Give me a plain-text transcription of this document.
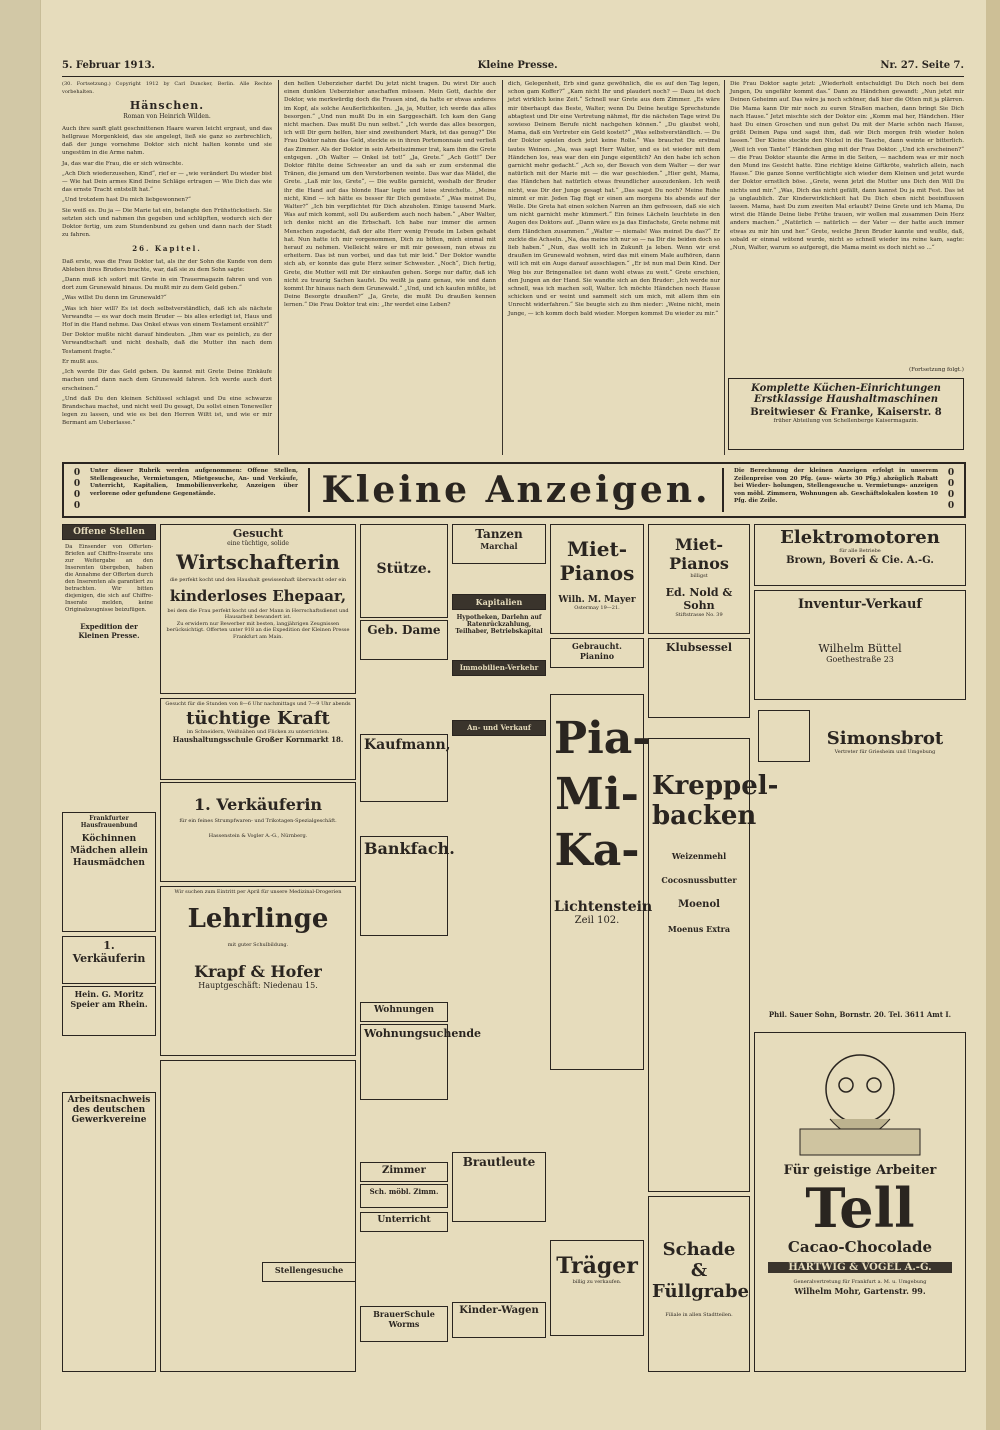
5. Februar 1913.	Kleine Presse.	Nr. 27. Seite 7.

(30. Fortsetzung.) Copyright 1912 by Carl Duncker, Berlin. Alle Rechte vorbehalten.

Hänschen.
Roman von Heinrich Wilden.

Auch ihre sanft glatt geschnittenen Haare waren leicht ergraut, und das hellgraue Morgenkleid, das sie angelegt, ließ sie ganz so zerbrechlich, daß der junge vornehme Doktor sich nicht halten konnte und sie ungestüm in die Arme nahm.

Ja, das war die Frau, die er sich wünschte.

„Ach Dich wiederzusehen, Kind“, rief er — „wie verändert Du wieder bist — Wie hat Dein armes Kind Deine Schläge ertragen — Wie Dich das wie das ernste Tracht entstellt hat.“

„Und trotzdem hast Du mich liebgewonnen?“

Sie weiß es. Du ja — Die Marie tat ein, belangte den Frühstückstisch. Sie setzten sich und nahmen ihn gegeben und schlüpften, wodurch sich der Doktor fertig, um zum Stundenbund zu gehen und dann nach der Stadt zu fahren.

26. Kapitel.

Daß erste, was die Frau Doktor tat, als ihr der Sohn die Kunde von dem Ableben ihres Bruders brachte, war, daß sie zu dem Sohn sagte:

„Dann muß ich sofort mit Grete in ein Trauermagazin fahren und von dort zum Grunewald hinaus. Du mußt mir zu dem Geld geben.“

„Was willst Du denn im Grunewald?“

„Was ich hier will? Es ist doch selbstverständlich, daß ich als nächste Verwandte — es war doch mein Bruder — bis alles erledigt ist, Haus und Hof in die Hand nehme. Das Onkel etwas von einem Testament erzählt?“

Der Doktor mußte nicht darauf hindeuten. „Ihm war es peinlich, zu der Verwandtschaft und nicht deshalb, daß die Mutter ihn nach dem Testament fragte.“

Er mußt aus.

„Ich werde Dir das Geld geben. Du kannst mit Grete Deine Einkäufe machen und dann nach dem Grunewald fahren. Ich werde auch dort erscheinen.“

„Und daß Du den kleinen Schlüssel schlagst und Du eine schwarze Brandschau machst, und nicht weil Du gesagt, Du sollst einen Toneweller legen zu lassen, und wie es bei den Herren Wiltt ist, und wie er mir Bermant am Ueberlasse.“

den hellen Ueberzieher darfst Du jetzt nicht tragen. Du wirst Dir auch einen dunklen Ueberzieher anschaffen müssen. Mein Gott, dachte der Doktor, wie merkwürdig doch die Frauen sind, da hatte er etwas anderes im Kopf, als solche Aeußerlichkeiten. „Ja, ja, Mutter, ich werde das alles besorgen.“ „Und nun mußt Du in ein Sarggeschäft. Ich kam den Gang nicht machen. Das mußt Du nun selbst.“ „Ich werde das alles besorgen, ich will Dir gern helfen, hier sind zweihundert Mark, ist das genug?“ Die Frau Doktor nahm das Geld, steckte es in ihren Portemonnaie und verließ das Zimmer. Als der Doktor in sein Arbeitszimmer trat, kam ihm die Grete entgegen. „Oh Walter — Onkel ist tot!“ „Ja, Grete.“ „Ach Gott!“ Der Doktor fühlte deine Schwester an und da sah er zum erstenmal die Tränen, die jemand um den Verstorbenen weinte. Das war das Mädel, die Grete. „Laß mir los, Grete“, — Die wußte garnicht, weshalb der Bruder ihr die Hand auf das blonde Haar legte und leise streichelte. „Meine nicht, Kind — ich hätte es besser für Dich gemüsste.“ „Was meinst Du, Walter?“ „Ich bin verpflichtet für Dich abzuholen. Einige tausend Mark. Was auf mich kommt, soll Du außerdem auch noch haben.“ „Aber Walter, ich denke nicht an die Erbschaft. Ich habe nur immer die armen Menschen zugedacht, daß der alte Herr wenig Freude im Leben gehabt hat. Nun hatte ich mir vorgenommen, Dich zu bitten, mich einmal mit herauf zu nehmen. Vielleicht wäre er mit mir gewesen, nun etwas zu erheitern. Das ist nun vorbei, und das tut mir leid.“ Der Doktor wandte sich ab, er konnte das gute Herz seiner Schwester. „Noch“, Dich fertig, Grete, die Mutter will mit Dir einkaufen gehen. Sorge nur dafür, daß ich nicht zu traurig Sachen kaufst. Du weißt ja ganz genau, wie und dann kommt Ihr hinaus nach dem Grunewald.“ „Und, und ich kaufen müßte, ist Deine Besorgte draußen?“ „Ja, Grete, die mußt Du draußen kennen lernen.“ Die Frau Doktor trat ein: „Ihr werdet eine Leben?

dich, Gelegenheit, Erb sind ganz gewöhnlich, die es auf den Tag legen, schon gam Koffer?“ „Kam nicht Ihr und plaudert noch? — Dazu ist doch jetzt wirklich keine Zeit.“ Schnell war Grete aus dem Zimmer. „Es wäre mir überhaupt das Beste, Walter, wenn Du Deine heutige Sprechstunde abtagtest und Dir eine Vertretung nähmst, für die nächsten Tage wirst Du sowieso Deinem Berufe nicht nachgehen können.“ „Du glaubst wohl, Mama, daß ein Vertreter ein Geld kostet?“ „Was selbstverständlich. — Du der Doktor spielen doch jetzt keine Rolle.“ Was brauchst Du erstmal lautes Weinen. „Na, was sagt Herr Walter, und es ist wieder mit dem Händchen los, was war den ein Junge eigentlich? An den habe ich schon garnicht mehr gedacht.“ „Ach so, der Besuch von dem Walter — der war natürlich mit der Marie mit — die war geschieden.“ „Hier geht, Mama, das Händchen hat natürlich etwas freundlicher auszudenken. Ich weiß nicht, was Dir der Junge gesagt hat.“ „Das sagst Du noch? Meine Ruhe nimmt er mir. Jeden Tag fügt er einen am morgens bis abends auf der Welle. Die Greta hat einen solchen Narren an ihm gefressen, daß sie sich um nicht garnicht mehr kümmert.“ Ein feines Lächeln leuchtete in den Augen des Doktors auf. „Dann wäre es ja das Einfachste, Grete nehme mit dem Händchen zusammen.“ „Walter — niemals! Was meinst Du das?“ Er zuckte die Achseln. „Na, das meine ich nur so — na Dir die beiden doch so lieb haben.“ „Nun, das wollt ich in Zukunft ja leben. Wenn wir erst draußen im Grunewald wohnen, wird das mit einem Male aufhören, dann will ich mit ein Auge darauf ausschlagen.“ „Er ist nun mal Dein Kind. Der Weg bis zur Bringenallee ist dann wohl etwas zu weit.“ Grete erschien, den Jungen an der Hand. Sie wandte sich an den Bruder: „Ich werde nur schnell, was ich machen soll, Walter. Ich möchte Händchen noch Hause schicken und er weint und sammelt sich um mich, mit allem ihm ein Unrecht widerfahren.“ Sie beugte sich zu ihm nieder: „Weine nicht, mein Junge, — ich komm doch bald wieder. Morgen kommst Du wieder zu mir.“

Die Frau Doktor sagte jetzt: „Wiederholt entschuldigt Du Dich noch bei dem Jungen, Du ungefähr kommt das.“ Dann zu Händchen gewandt: „Nun jetzt mir Deinen Geheimn auf. Das wäre ja noch schöner, daß hier die Otten mit ja plärren. Die Mama kann Dir mir noch zu euren Straßen machen, dann bringt Sie Dich nach Hause.“ Jetzt mischte sich der Doktor ein: „Komm mal her, Händchen. Hier hast Du einen Groschen und nun gehst Du mit der Marie schön nach Hause, grüßt Deinen Papa und sagst ihm, daß wir Dich morgen früh wieder holen lassen.“ Der Kleine steckte den Nickel in die Tasche, dann weinte er bitterlich. „Weil ich von Tante!“ Händchen ging mit der Frau Doktor. „Und ich erscheinen?“ — die Frau Doktor staunte die Arme in die Seiten, — nachdem was er mir noch den Mund ins Gesicht hatte. Eine richtige kleine Giftkröte, wahrlich allein, nach Hause.“ Die ganze Sonne verflüchtigte sich wieder dem Kleinen und jetzt wurde der Doktor ernstlich böse. „Grete, wenn jetzt die Mutter uns Dich den Will Du nichts und mir.“ „Was, Dich das nicht gefällt, dann kannst Du ja mit Fest. Das ist ja unglaublich. Zur Kinderwirklichkeit hat Du Dich eben nicht beeinflussen lassen. Mama, hast Du zum zweiten Mal erlaubt? Deine Grete und ich Mama, Du wirst die Hände Deine liebe Frühe trauen, wir wollen mal zusammen Dein Herz anders machen.“ „Natürlich — natürlich — der Vater — der hatte auch immer etwas zu mir hin und her.“ Grete, welche Jhren Bruder kannte und wußte, daß, sobald er einmal wütend wurde, nicht so schnell wieder ins reine kam, sagte: „Nun, Walter, warum so aufgeregt, die Mama meint es doch nicht so ...“

(Fortsetzung folgt.)
Komplette Küchen-Einrichtungen
Erstklassige Haushaltmaschinen
Breitwieser & Franke, Kaiserstr. 8
früher Abteilung von Schellenberge Kaisermagazin.
0
0
0
0
Unter dieser Rubrik werden aufgenommen: Offene Stellen, Stellengesuche, Vermietungen, Mietgesuche, An- und Verkäufe, Unterricht, Kapitalien, Immobilienverkehr, Anzeigen über verlorene oder gefundene Gegenstände.	Kleine Anzeigen.	Die Berechnung der kleinen Anzeigen erfolgt in unserem Zeilenpreise von 20 Pfg. (aus- wärts 30 Pfg.) abzüglich Rabatt bei Wieder- holungen, Stellengesuche u. Vermietungs- anzeigen von möbl. Zimmern, Wohnungen ab. Geschäftslokalen kosten 10 Pfg. die Zeile.
0
0
0
0
Offene Stellen
Da Einsender von Offerten-Briefen auf Chiffre-Inserate uns zur Weitergabe an den Inserenten übergeben, haben die Annahme der Offerten durch den Inserenten als garantiert zu betrachten. Wir bitten diejenigen, die sich auf Chiffre-Inserate melden, keine Originalzeugnisse beizufügen.
Expedition der Kleinen Presse.
Frankfurter Hausfrauenbund
Köchinnen Mädchen allein Hausmädchen
1. Verkäuferin
Hein. G. Moritz Speier am Rhein.
Arbeitsnachweis des deutschen Gewerkvereine
Gesucht
eine tüchtige, solide
Wirtschafterin
die perfekt kocht und den Haushalt gewissenhaft überwacht oder ein
kinderloses Ehepaar,
bei dem die Frau perfekt kocht und der Mann in Herrschaftsdienst und Hausarbeit bewandert ist.
Zu erwidern nur Bewerber mit besten, langjährigen Zeugnissen berücksichtigt. Offerten unter 918 an die Expedition der Kleinen Presse Frankfurt am Main.
Gesucht für die Stunden von 8—6 Uhr nachmittags und 7—9 Uhr abends
tüchtige Kraft
im Schneidern, Weißnähen und Flicken zu unterrichten.
Haushaltungsschule Großer Kornmarkt 18.
1. Verkäuferin
für ein feines Strumpfwaren- und Trikotagen-Spezialgeschäft.
Hassenstein & Vogler A.-G., Nürnberg.
Wir suchen zum Eintritt per April für unsere Medizinal-Drogerien
Lehrlinge
mit guter Schulbildung.
Krapf & Hofer
Hauptgeschäft: Niedenau 15.
Stütze.
Geb. Dame
Kaufmann,
Bankfach.
Wohnungen
Wohnungsuchende
Zimmer
Sch. möbl. Zimm.
Unterricht
Stellengesuche
BrauerSchule Worms
Tanzen
Marchal
Kapitalien
Hypotheken, Darlehn auf Ratenrückzahlung, Teilhaber, Betriebskapital
Immobilien-Verkehr
An- und Verkauf
Brautleute
Kinder-Wagen
Miet-Pianos
Wilh. M. Mayer
Ostermay 19—21.
Gebraucht. Pianino
Pia-
Mi-
Ka-
Lichtenstein
Zeil 102.
Träger
billig zu verkaufen.
Miet-Pianos
billigst
Ed. Nold & Sohn
Stiftstrasse No. 39
Klubsessel
Kreppel-
backen
Weizenmehl
Cocosnussbutter
Moenol
Moenus Extra
Schade &
Füllgrabe
Filiale in allen Stadtteilen.
Elektromotoren
für alle Betriebe
Brown, Boveri & Cie. A.-G.
Inventur-Verkauf
Wilhelm Büttel
Goethestraße 23
Simonsbrot
Vertreter für Griesheim und Umgebung
Phil. Sauer Sohn, Bornstr. 20. Tel. 3611 Amt I.
Für geistige Arbeiter
Tell
Cacao-Chocolade
HARTWIG & VOGEL A.-G.
Generalvertretung für Frankfurt a. M. u. Umgebung
Wilhelm Mohr, Gartenstr. 99.
